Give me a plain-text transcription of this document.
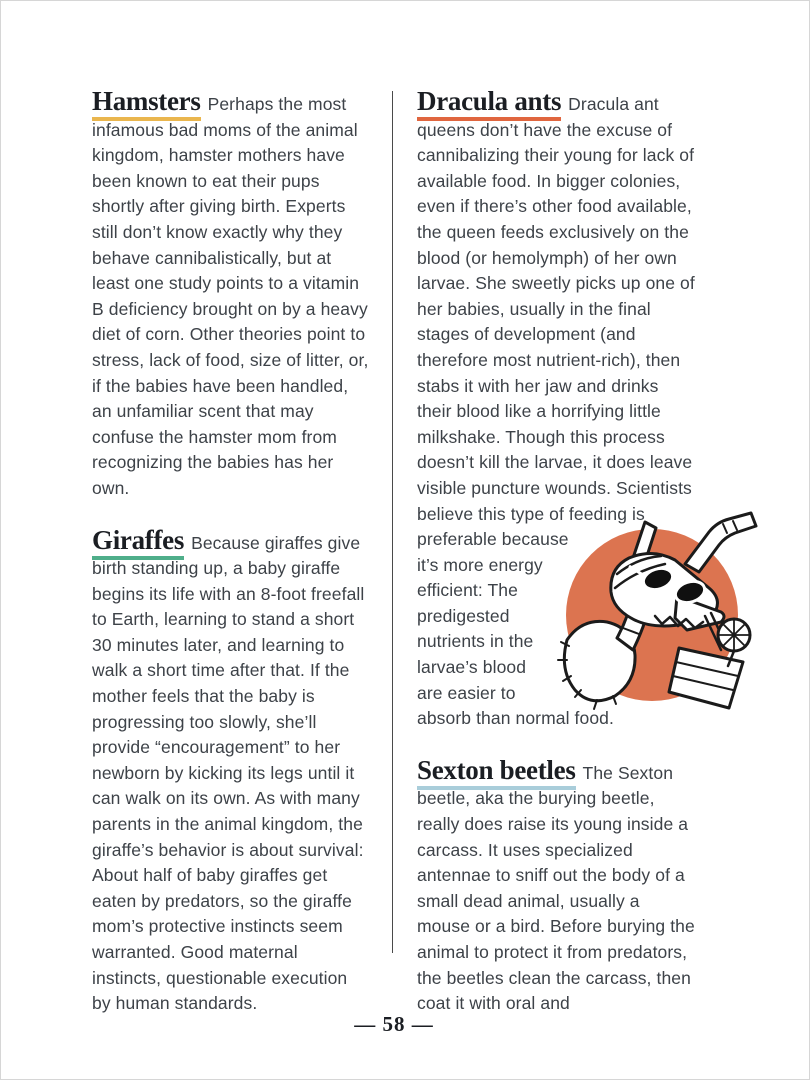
Hamsters Perhaps the most infamous bad moms of the animal kingdom, hamster mothers have been known to eat their pups shortly after giving birth. Experts still don’t know exactly why they behave cannibalistically, but at least one study points to a vitamin B deficiency brought on by a heavy diet of corn. Other theories point to stress, lack of food, size of litter, or, if the babies have been handled, an unfamiliar scent that may confuse the hamster mom from recognizing the babies has her own.

Giraffes Because giraffes give birth standing up, a baby giraffe begins its life with an 8-foot freefall to Earth, learning to stand a short 30 minutes later, and learning to walk a short time after that. If the mother feels that the baby is progressing too slowly, she’ll provide “encouragement” to her newborn by kicking its legs until it can walk on its own. As with many parents in the animal kingdom, the giraffe’s behavior is about survival: About half of baby giraffes get eaten by predators, so the giraffe mom’s protective instincts seem warranted. Good maternal instincts, questionable execution by human standards.

Dracula ants Dracula ant queens don’t have the excuse of cannibalizing their young for lack of available food. In bigger colonies, even if there’s other food available, the queen feeds exclusively on the blood (or hemolymph) of her own larvae. She sweetly picks up one of her babies, usually in the final stages of development (and therefore most nutrient-rich), then stabs it with her jaw and drinks their blood like a horrifying little milkshake. Though this process doesn’t kill the larvae, it does leave visible puncture wounds. Scientists believe this type of
feeding is preferable because it’s more energy efficient: The predigested nutrients in the larvae’s blood are easier to absorb than normal food.

Sexton beetles The Sexton beetle, aka the burying beetle, really does raise its young inside a carcass. It uses specialized antennae to sniff out the body of a small dead animal, usually a mouse or a bird. Before burying the animal to protect it from predators, the beetles clean the carcass, then coat it with oral and

— 58 —
